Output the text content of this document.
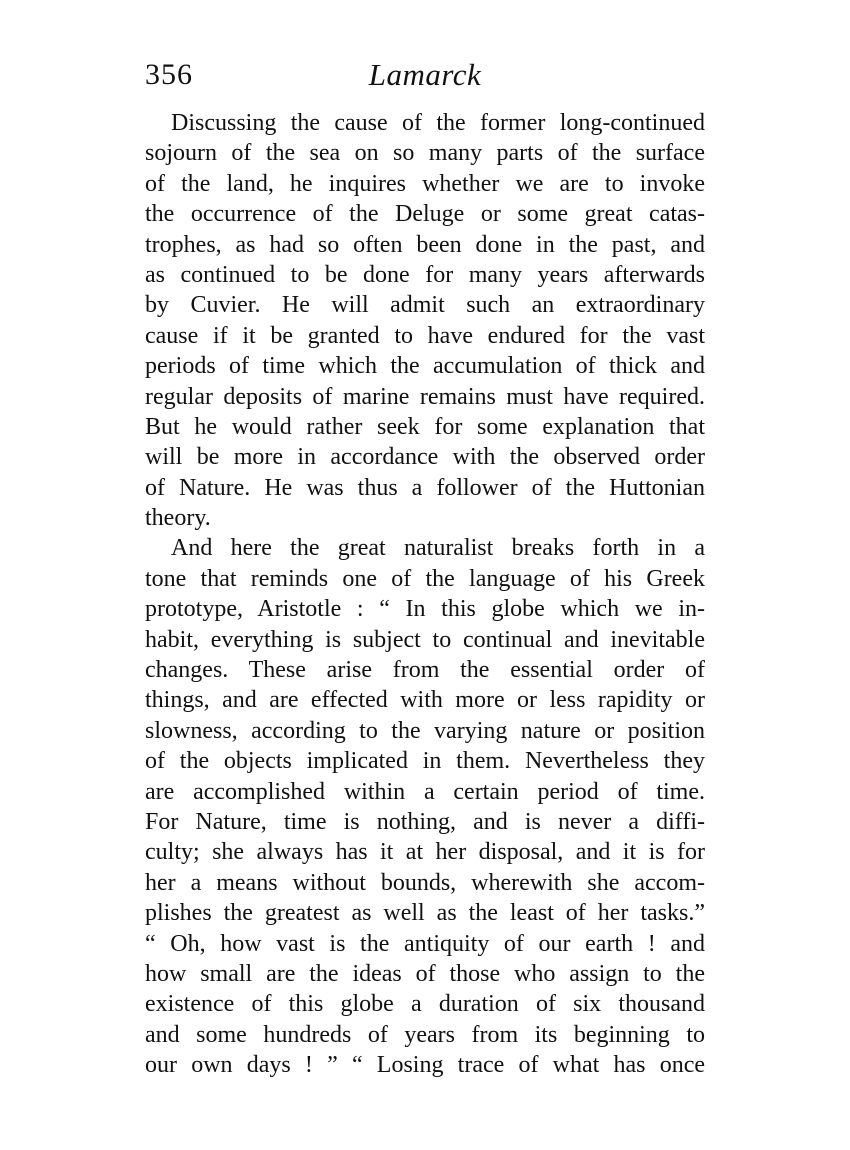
356	Lamarck
Discussing the cause of the former long-continued
sojourn of the sea on so many parts of the surface
of the land, he inquires whether we are to invoke
the occurrence of the Deluge or some great catas-
trophes, as had so often been done in the past, and
as continued to be done for many years afterwards
by Cuvier. He will admit such an extraordinary
cause if it be granted to have endured for the vast
periods of time which the accumulation of thick and
regular deposits of marine remains must have required.
But he would rather seek for some explanation that
will be more in accordance with the observed order
of Nature. He was thus a follower of the Huttonian
theory.
And here the great naturalist breaks forth in a
tone that reminds one of the language of his Greek
prototype, Aristotle : “ In this globe which we in-
habit, everything is subject to continual and inevitable
changes. These arise from the essential order of
things, and are effected with more or less rapidity or
slowness, according to the varying nature or position
of the objects implicated in them. Nevertheless they
are accomplished within a certain period of time.
For Nature, time is nothing, and is never a diffi-
culty; she always has it at her disposal, and it is for
her a means without bounds, wherewith she accom-
plishes the greatest as well as the least of her tasks.”
“ Oh, how vast is the antiquity of our earth ! and
how small are the ideas of those who assign to the
existence of this globe a duration of six thousand
and some hundreds of years from its beginning to
our own days ! ” “ Losing trace of what has once
